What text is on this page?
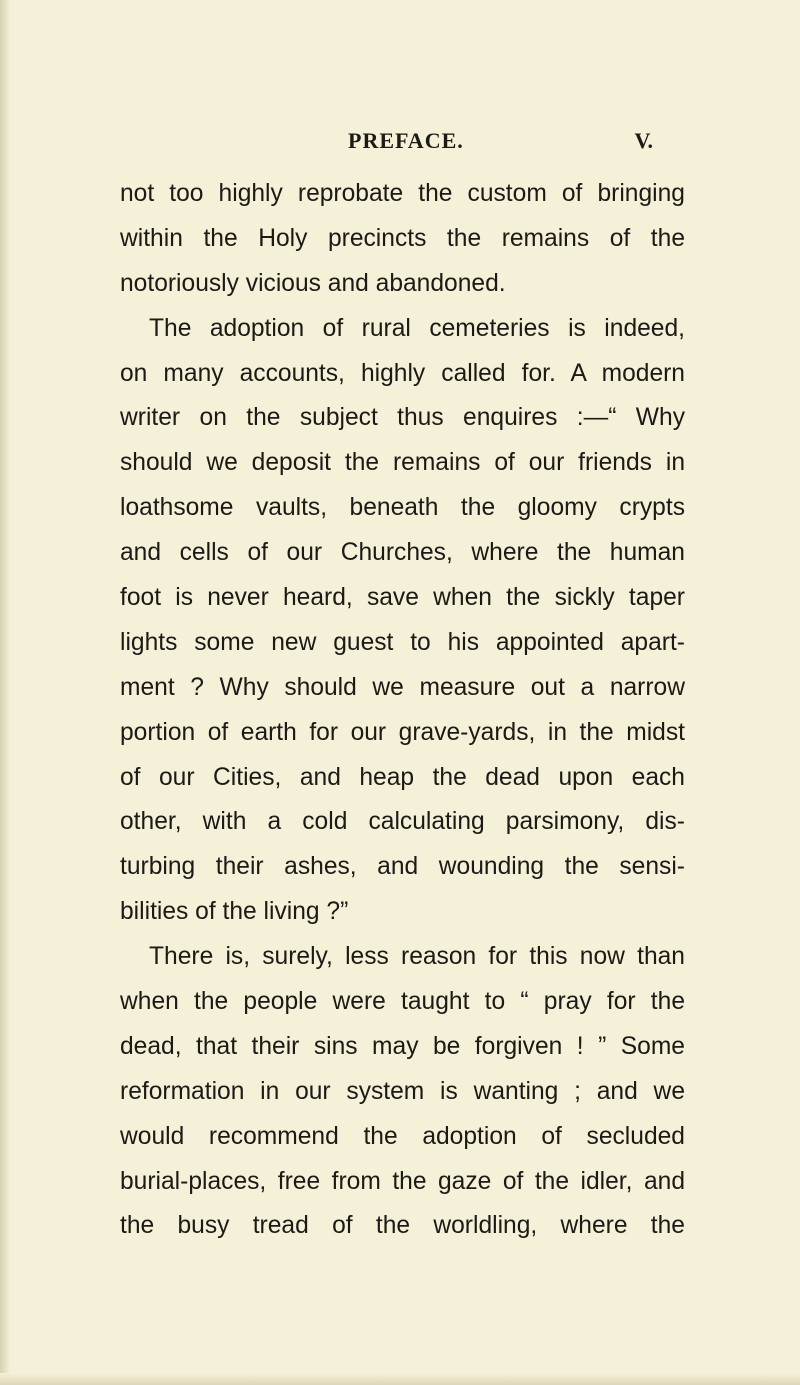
PREFACE.	V.
not too highly reprobate the custom of bringing
within the Holy precincts the remains of the
notoriously vicious and abandoned.
The adoption of rural cemeteries is indeed,
on many accounts, highly called for. A modern
writer on the subject thus enquires :—“ Why
should we deposit the remains of our friends in
loathsome vaults, beneath the gloomy crypts
and cells of our Churches, where the human
foot is never heard, save when the sickly taper
lights some new guest to his appointed apart-
ment ? Why should we measure out a narrow
portion of earth for our grave-yards, in the midst
of our Cities, and heap the dead upon each
other, with a cold calculating parsimony, dis-
turbing their ashes, and wounding the sensi-
bilities of the living ?”
There is, surely, less reason for this now than
when the people were taught to “ pray for the
dead, that their sins may be forgiven ! ” Some
reformation in our system is wanting ; and we
would recommend the adoption of secluded
burial-places, free from the gaze of the idler, and
the busy tread of the worldling, where the
